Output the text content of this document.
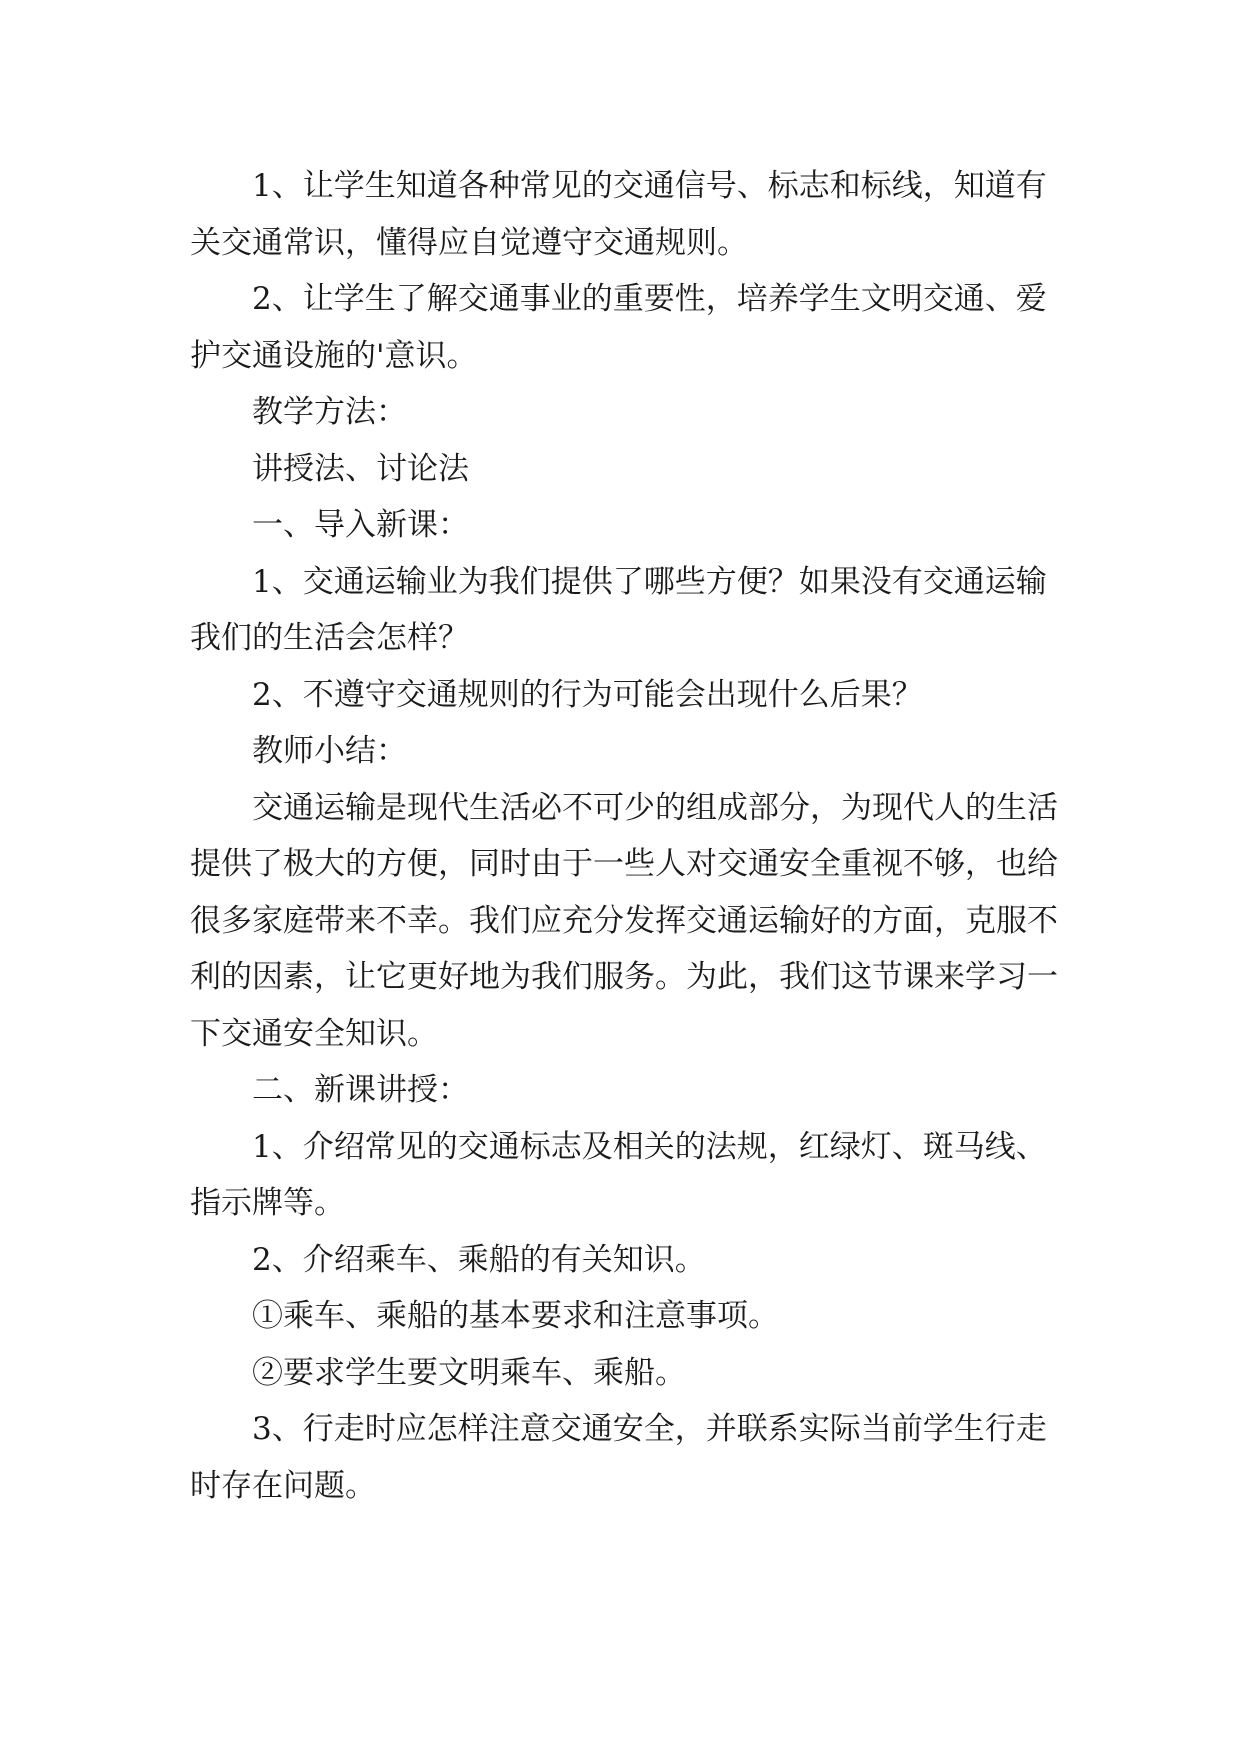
1、让学生知道各种常见的交通信号、标志和标线，知道有关交通常识，懂得应自觉遵守交通规则。

2、让学生了解交通事业的重要性，培养学生文明交通、爱护交通设施的'意识。

教学方法：

讲授法、讨论法

一、导入新课：

1、交通运输业为我们提供了哪些方便？如果没有交通运输我们的生活会怎样？

2、不遵守交通规则的行为可能会出现什么后果？

教师小结：

交通运输是现代生活必不可少的组成部分，为现代人的生活提供了极大的方便，同时由于一些人对交通安全重视不够，也给很多家庭带来不幸。我们应充分发挥交通运输好的方面，克服不利的因素，让它更好地为我们服务。为此，我们这节课来学习一下交通安全知识。

二、新课讲授：

1、介绍常见的交通标志及相关的法规，红绿灯、斑马线、指示牌等。

2、介绍乘车、乘船的有关知识。

①乘车、乘船的基本要求和注意事项。

②要求学生要文明乘车、乘船。

3、行走时应怎样注意交通安全，并联系实际当前学生行走时存在问题。
